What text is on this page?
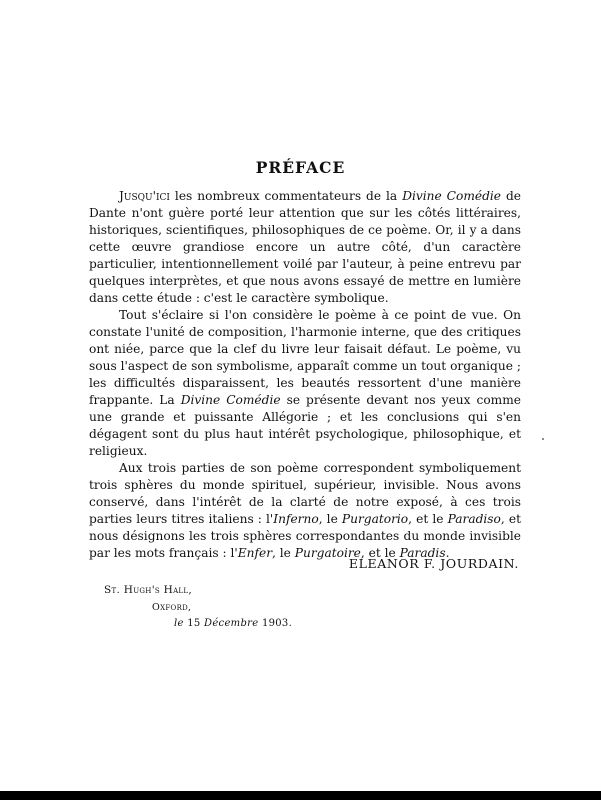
PRÉFACE

Jusqu'ici les nombreux commentateurs de la Divine Comédie de Dante n'ont guère porté leur attention que sur les côtés littéraires, historiques, scientifiques, philosophiques de ce poème. Or, il y a dans cette œuvre grandiose encore un autre côté, d'un caractère particulier, intentionnellement voilé par l'auteur, à peine entrevu par quelques interprètes, et que nous avons essayé de mettre en lumière dans cette étude : c'est le caractère symbolique.

Tout s'éclaire si l'on considère le poème à ce point de vue. On constate l'unité de composition, l'harmonie interne, que des critiques ont niée, parce que la clef du livre leur faisait défaut. Le poème, vu sous l'aspect de son symbolisme, apparaît comme un tout organique ; les difficultés disparaissent, les beautés ressortent d'une manière frappante. La Divine Comédie se présente devant nos yeux comme une grande et puissante Allégorie ; et les conclusions qui s'en dégagent sont du plus haut intérêt psychologique, philosophique, et religieux.

Aux trois parties de son poème correspondent symboliquement trois sphères du monde spirituel, supérieur, invisible. Nous avons conservé, dans l'intérêt de la clarté de notre exposé, à ces trois parties leurs titres italiens : l'Inferno, le Purgatorio, et le Paradiso, et nous désignons les trois sphères correspondantes du monde invisible par les mots français : l'Enfer, le Purgatoire, et le Paradis.

ELEANOR F. JOURDAIN.
St. Hugh's Hall,
Oxford,
le 15 Décembre 1903.
